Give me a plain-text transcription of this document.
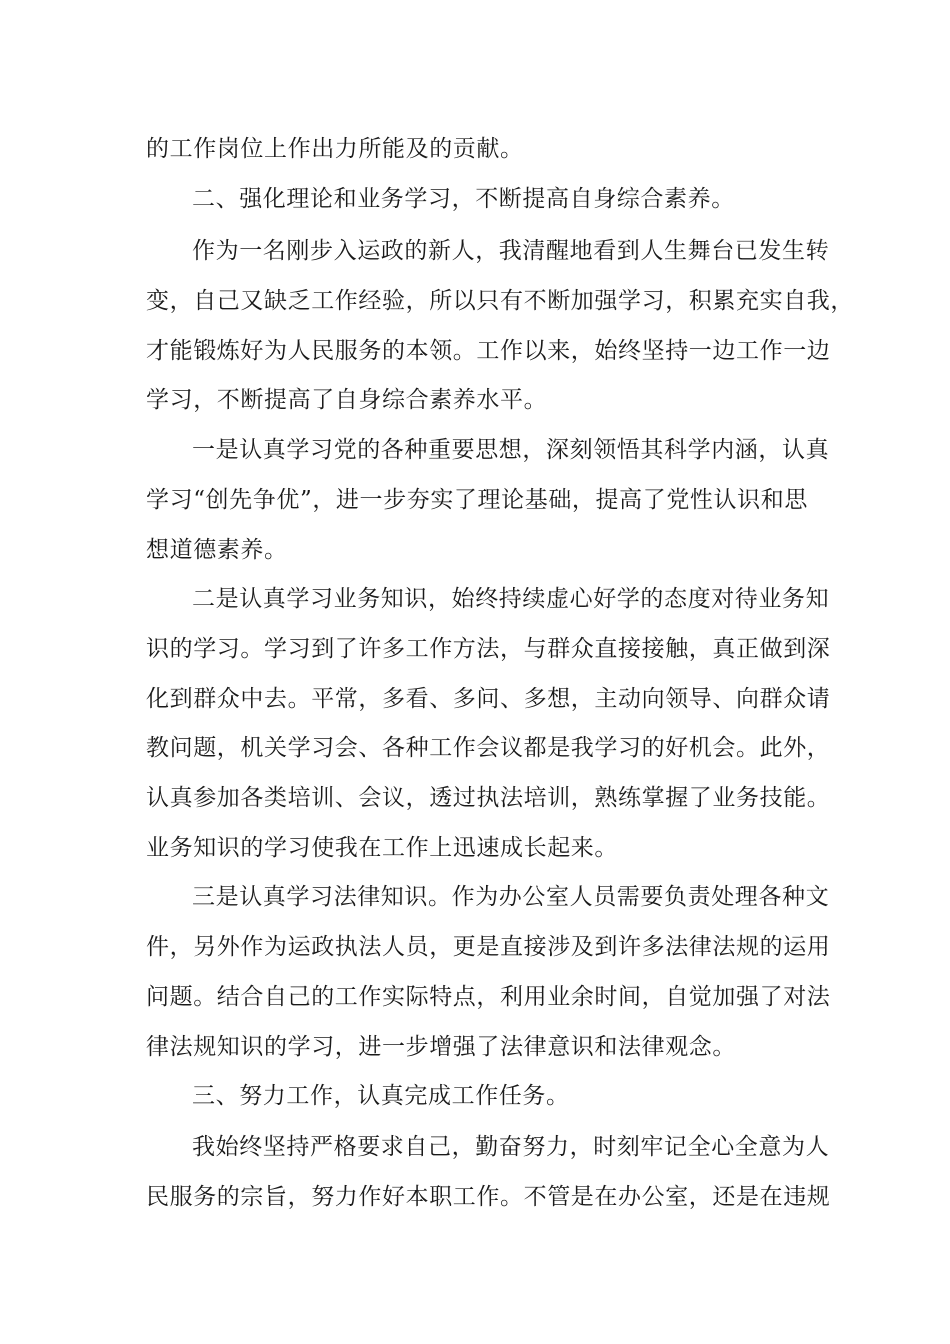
的工作岗位上作出力所能及的贡献。
二、强化理论和业务学习，不断提高自身综合素养。
作为一名刚步入运政的新人，我清醒地看到人生舞台已发生转
变，自己又缺乏工作经验，所以只有不断加强学习，积累充实自我，
才能锻炼好为人民服务的本领。工作以来，始终坚持一边工作一边
学习，不断提高了自身综合素养水平。
一是认真学习党的各种重要思想，深刻领悟其科学内涵，认真
学习“创先争优”，进一步夯实了理论基础，提高了党性认识和思
想道德素养。
二是认真学习业务知识，始终持续虚心好学的态度对待业务知
识的学习。学习到了许多工作方法，与群众直接接触，真正做到深
化到群众中去。平常，多看、多问、多想，主动向领导、向群众请
教问题，机关学习会、各种工作会议都是我学习的好机会。此外，
认真参加各类培训、会议，透过执法培训，熟练掌握了业务技能。
业务知识的学习使我在工作上迅速成长起来。
三是认真学习法律知识。作为办公室人员需要负责处理各种文
件，另外作为运政执法人员，更是直接涉及到许多法律法规的运用
问题。结合自己的工作实际特点，利用业余时间，自觉加强了对法
律法规知识的学习，进一步增强了法律意识和法律观念。
三、努力工作，认真完成工作任务。
我始终坚持严格要求自己，勤奋努力，时刻牢记全心全意为人
民服务的宗旨，努力作好本职工作。不管是在办公室，还是在违规
